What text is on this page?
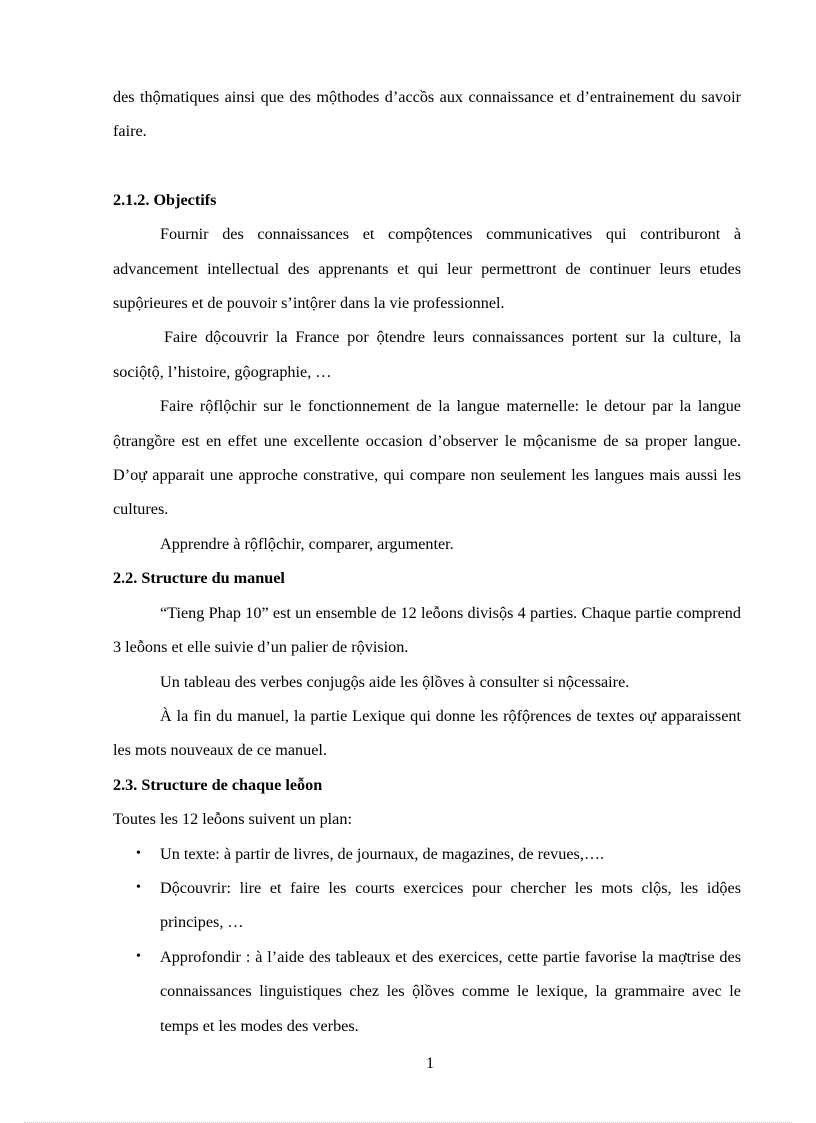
des thộmatiques ainsi que des mộthodes d’accồs aux connaissance et d’entrainement du savoir faire.

2.1.2. Objectifs

Fournir des connaissances et compộtences communicatives qui contriburont à advancement intellectual des apprenants et qui leur permettront de continuer leurs etudes supộrieures et de pouvoir s’intộrer dans la vie professionnel.

Faire dộcouvrir la France por ộtendre leurs connaissances portent sur la culture, la sociộtộ, l’histoire, gộographie, …

Faire rộflộchir sur le fonctionnement de la langue maternelle: le detour par la langue ộtrangồre est en effet une excellente occasion d’observer le mộcanisme de sa proper langue. D’oự apparait une approche constrative, qui compare non seulement les langues mais aussi les cultures.

Apprendre à rộflộchir, comparer, argumenter.

2.2. Structure du manuel

“Tieng Phap 10” est un ensemble de 12 leỗons divisộs 4 parties. Chaque partie comprend 3 leỗons et elle suivie d’un palier de rộvision.

Un tableau des verbes conjugộs aide les ộlồves à consulter si nộcessaire.

À la fin du manuel, la partie Lexique qui donne les rộfộrences de textes oự apparaissent les mots nouveaux de ce manuel.

2.3. Structure de chaque leỗon

Toutes les 12 leỗons suivent un plan:

• Un texte: à partir de livres, de journaux, de magazines, de revues,….
• Dộcouvrir: lire et faire les courts exercices pour chercher les mots clộs, les idộes principes, …
• Approfondir : à l’aide des tableaux et des exercices, cette partie favorise la maợtrise des connaissances linguistiques chez les ộlồves comme le lexique, la grammaire avec le temps et les modes des verbes.
1
